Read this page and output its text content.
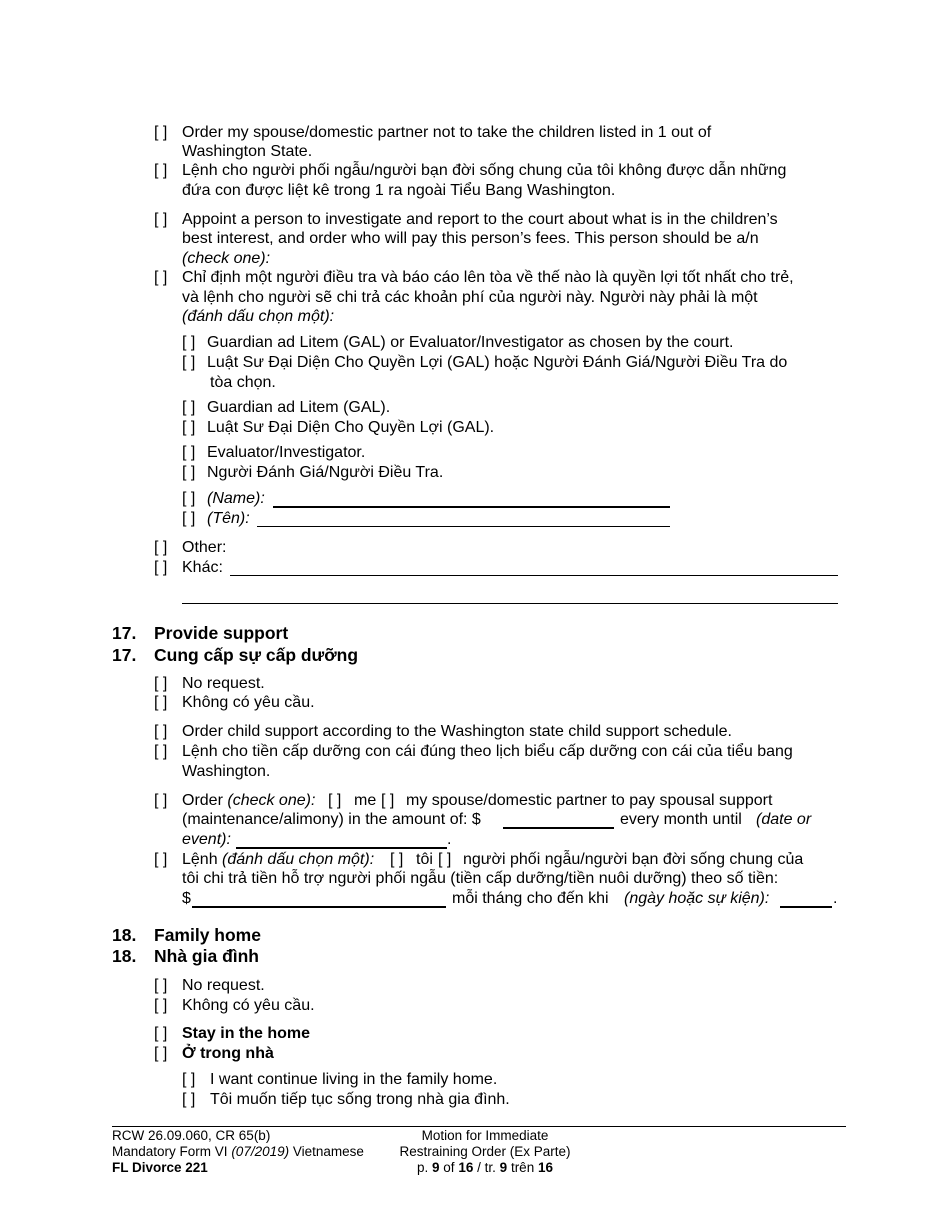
[ ] Order my spouse/domestic partner not to take the children listed in 1 out of
Washington State.
[ ] Lệnh cho người phối ngẫu/người bạn đời sống chung của tôi không được dẫn những
đứa con được liệt kê trong 1 ra ngoài Tiểu Bang Washington.
[ ] Appoint a person to investigate and report to the court about what is in the children’s
best interest, and order who will pay this person’s fees. This person should be a/n
(check one):
[ ] Chỉ định một người điều tra và báo cáo lên tòa về thế nào là quyền lợi tốt nhất cho trẻ,
và lệnh cho người sẽ chi trả các khoản phí của người này. Người này phải là một
(đánh dấu chọn một):
[ ] Guardian ad Litem (GAL) or Evaluator/Investigator as chosen by the court.
[ ] Luật Sư Đại Diện Cho Quyền Lợi (GAL) hoặc Người Đánh Giá/Người Điều Tra do
tòa chọn.
[ ] Guardian ad Litem (GAL).
[ ] Luật Sư Đại Diện Cho Quyền Lợi (GAL).
[ ] Evaluator/Investigator.
[ ] Người Đánh Giá/Người Điều Tra.
[ ] (Name):
[ ] (Tên):
[ ] Other:
[ ] Khác:
17. Provide support
17. Cung cấp sự cấp dưỡng
[ ] No request.
[ ] Không có yêu cầu.
[ ] Order child support according to the Washington state child support schedule.
[ ] Lệnh cho tiền cấp dưỡng con cái đúng theo lịch biểu cấp dưỡng con cái của tiểu bang
Washington.
[ ] Order (check one): [ ] me [ ] my spouse/domestic partner to pay spousal support
(maintenance/alimony) in the amount of: $	every month until (date or
event):	.
[ ] Lệnh (đánh dấu chọn một): [ ] tôi [ ] người phối ngẫu/người bạn đời sống chung của
tôi chi trả tiền hỗ trợ người phối ngẫu (tiền cấp dưỡng/tiền nuôi dưỡng) theo số tiền:
$	mỗi tháng cho đến khi (ngày hoặc sự kiện):	.
18. Family home
18. Nhà gia đình
[ ] No request.
[ ] Không có yêu cầu.
[ ] Stay in the home
[ ] Ở trong nhà
[ ] I want continue living in the family home.
[ ] Tôi muốn tiếp tục sống trong nhà gia đình.
RCW 26.09.060, CR 65(b)
Mandatory Form VI (07/2019) Vietnamese
FL Divorce 221
Motion for Immediate
Restraining Order (Ex Parte)
p. 9 of 16 / tr. 9 trên 16
